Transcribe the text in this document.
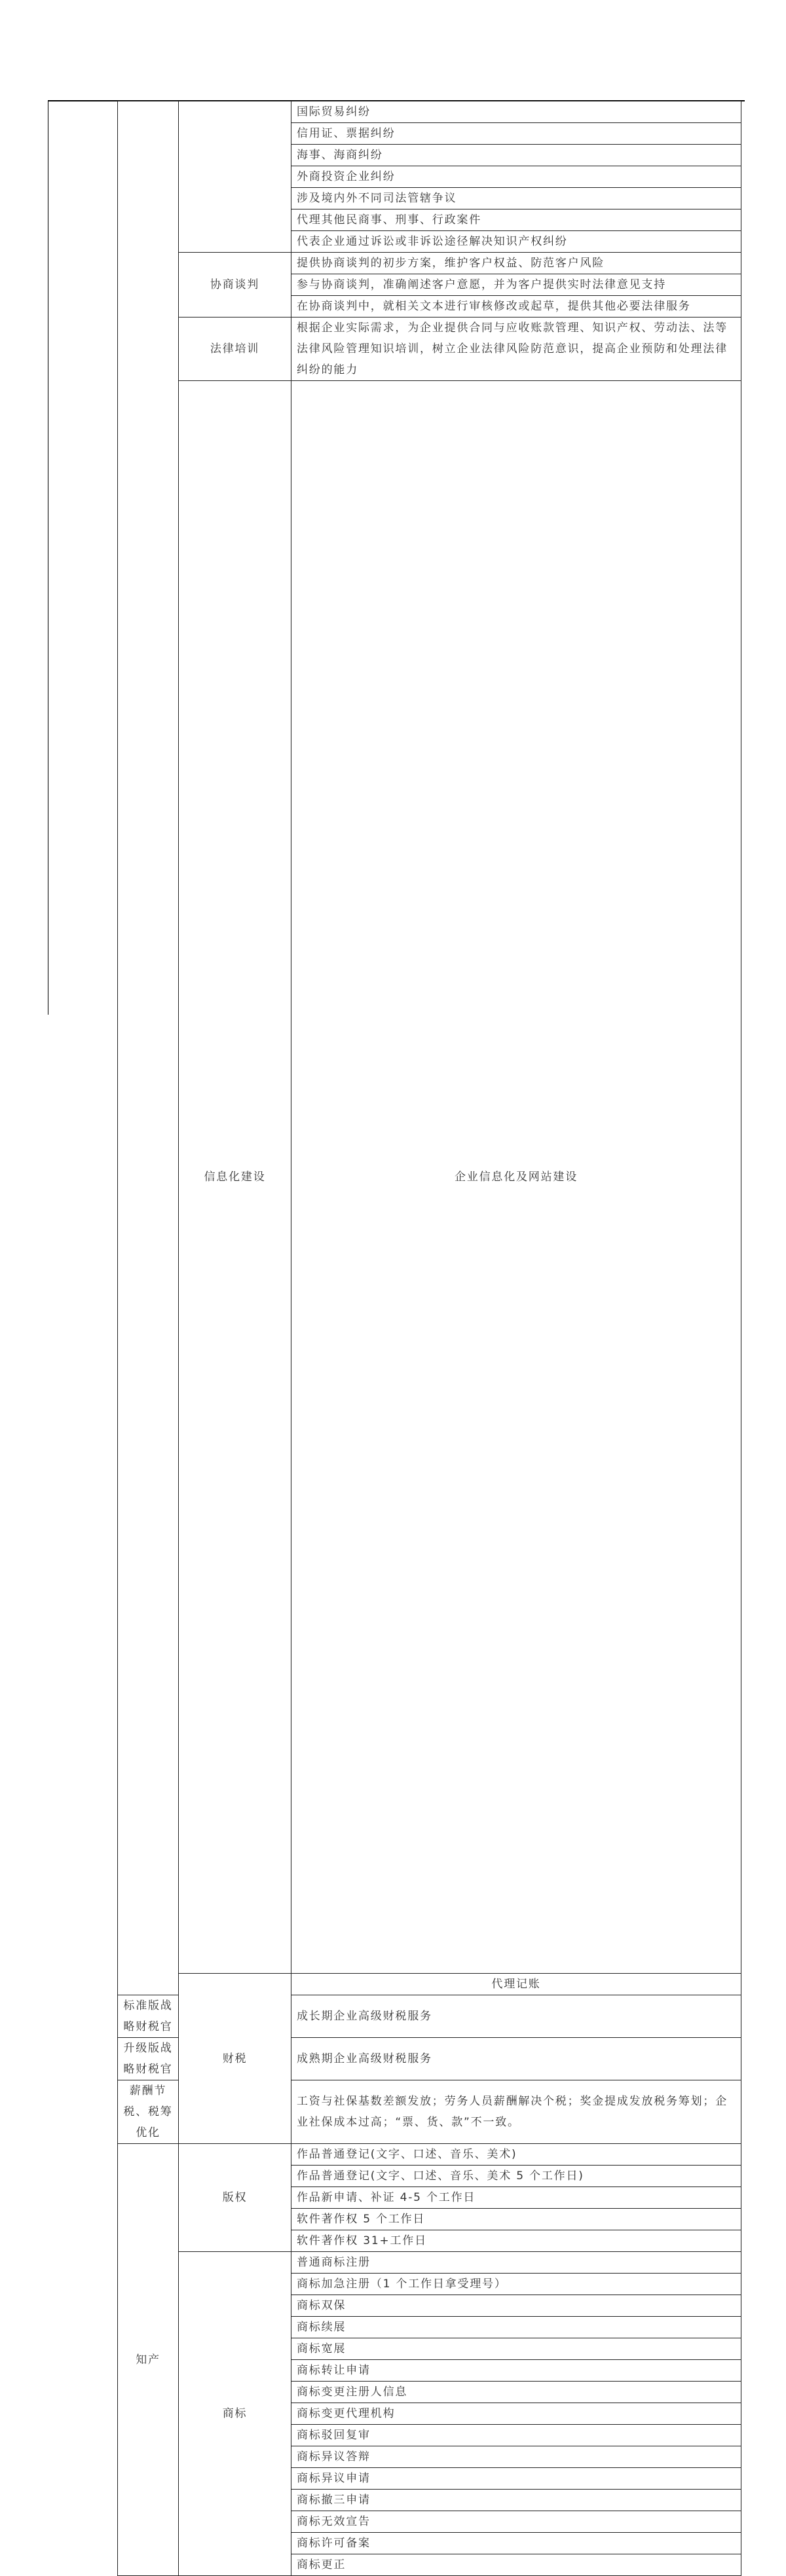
		国际贸易纠纷	
		信用证、票据纠纷	
		海事、海商纠纷	
		外商投资企业纠纷	
		涉及境内外不同司法管辖争议	
		代理其他民商事、刑事、行政案件	
		代表企业通过诉讼或非诉讼途径解决知识产权纠纷	
	协商谈判	提供协商谈判的初步方案，维护客户权益、防范客户风险	
		参与协商谈判，准确阐述客户意愿，并为客户提供实时法律意见支持	
		在协商谈判中，就相关文本进行审核修改或起草，提供其他必要法律服务	
	法律培训	根据企业实际需求，为企业提供合同与应收账款管理、知识产权、劳动法、法等法律风险管理知识培训，树立企业法律风险防范意识，提高企业预防和处理法律纠纷的能力	
	信息化建设	企业信息化及网站建设	
	财税	代理记账	
标准版战略财税官		成长期企业高级财税服务	
升级版战略财税官		成熟期企业高级财税服务	
薪酬节税、税筹优化		工资与社保基数差额发放；劳务人员薪酬解决个税；奖金提成发放税务筹划；企业社保成本过高；“票、货、款”不一致。	
知产	版权	作品普通登记(文字、口述、音乐、美术)	
		作品普通登记(文字、口述、音乐、美术 5 个工作日)	
		作品新申请、补证 4-5 个工作日	
		软件著作权 5 个工作日	
		软件著作权 31+工作日	
	商标	普通商标注册	
		商标加急注册（1 个工作日拿受理号）	
		商标双保	
		商标续展	
		商标宽展	
		商标转让申请	
		商标变更注册人信息	
		商标变更代理机构	
		商标驳回复审	
		商标异议答辩	
		商标异议申请	
		商标撤三申请	
		商标无效宣告	
		商标许可备案	
		商标更正	
